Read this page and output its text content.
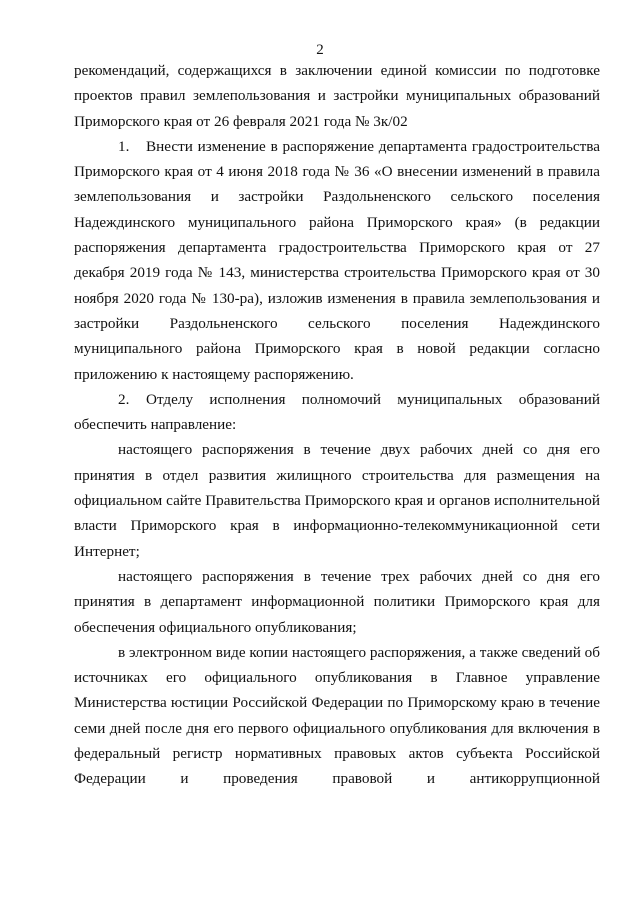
2

рекомендаций, содержащихся в заключении единой комиссии по подготовке проектов правил землепользования и застройки муниципальных образований Приморского края от 26 февраля 2021 года № 3к/02

1. Внести изменение в распоряжение департамента градостроительства Приморского края от 4 июня 2018 года № 36 «О внесении изменений в правила землепользования и застройки Раздольненского сельского поселения Надеждинского муниципального района Приморского края» (в редакции распоряжения департамента градостроительства Приморского края от 27 декабря 2019 года № 143, министерства строительства Приморского края от 30 ноября 2020 года № 130-ра), изложив изменения в правила землепользования и застройки Раздольненского сельского поселения Надеждинского муниципального района Приморского края в новой редакции согласно приложению к настоящему распоряжению.

2. Отделу исполнения полномочий муниципальных образований обеспечить направление:

настоящего распоряжения в течение двух рабочих дней со дня его принятия в отдел развития жилищного строительства для размещения на официальном сайте Правительства Приморского края и органов исполнительной власти Приморского края в информационно-телекоммуникационной сети Интернет;

настоящего распоряжения в течение трех рабочих дней со дня его принятия в департамент информационной политики Приморского края для обеспечения официального опубликования;

в электронном виде копии настоящего распоряжения, а также сведений об источниках его официального опубликования в Главное управление Министерства юстиции Российской Федерации по Приморскому краю в течение семи дней после дня его первого официального опубликования для включения в федеральный регистр нормативных правовых актов субъекта Российской Федерации и проведения правовой и антикоррупционной
